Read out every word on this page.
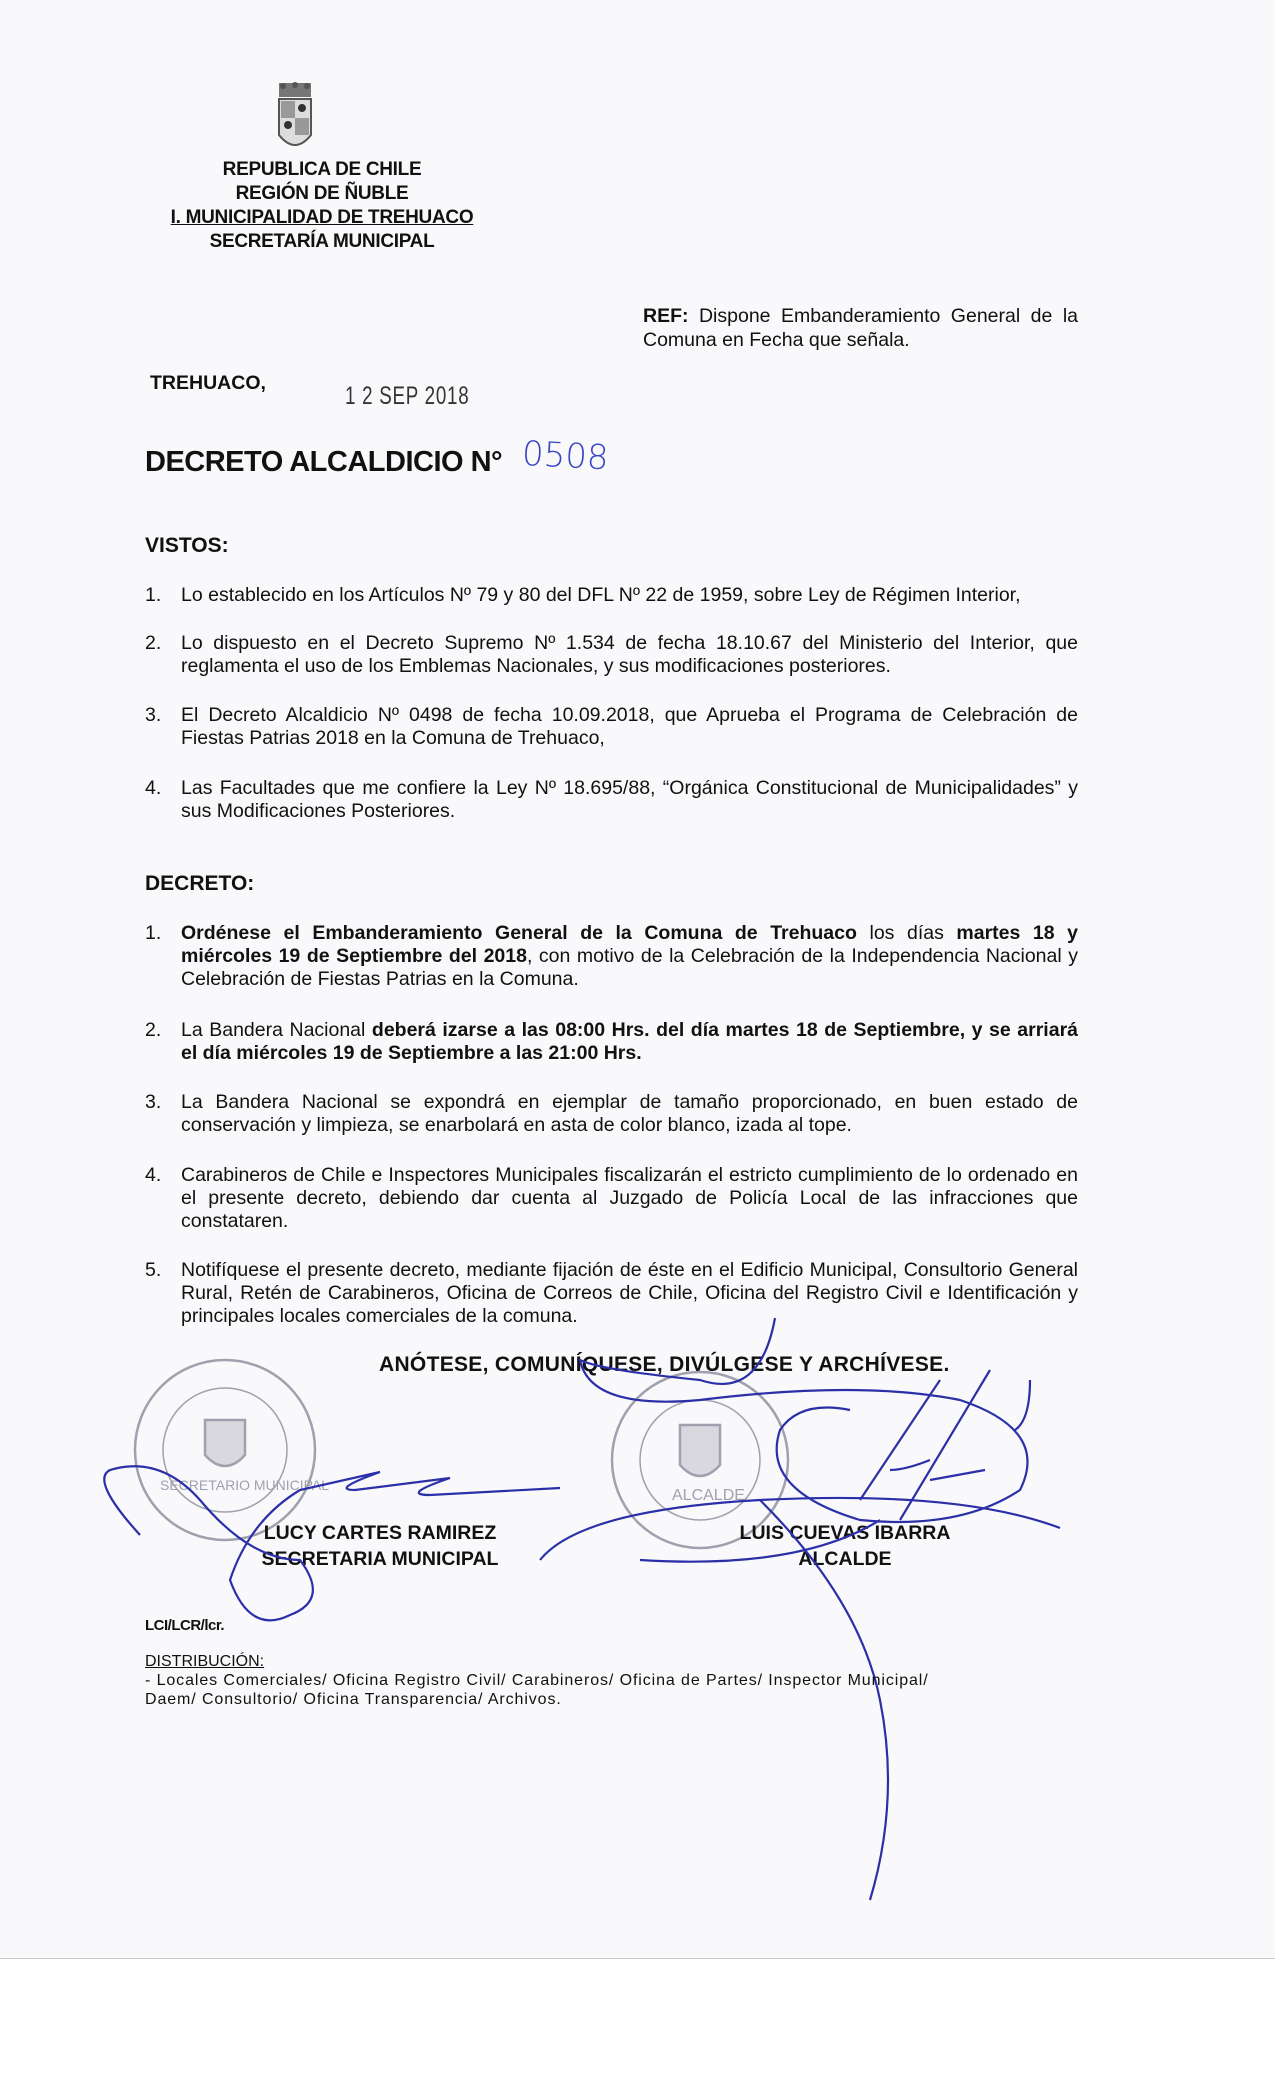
REPUBLICA DE CHILE
REGIÓN DE ÑUBLE
I. MUNICIPALIDAD DE TREHUACO
SECRETARÍA MUNICIPAL
REF: Dispone Embanderamiento General de la Comuna en Fecha que señala.
TREHUACO,	1 2 SEP 2018
DECRETO ALCALDICIO N° 0508
VISTOS:
1. Lo establecido en los Artículos Nº 79 y 80 del DFL Nº 22 de 1959, sobre Ley de Régimen Interior,
2. Lo dispuesto en el Decreto Supremo Nº 1.534 de fecha 18.10.67 del Ministerio del Interior, que reglamenta el uso de los Emblemas Nacionales, y sus modificaciones posteriores.
3. El Decreto Alcaldicio Nº 0498 de fecha 10.09.2018, que Aprueba el Programa de Celebración de Fiestas Patrias 2018 en la Comuna de Trehuaco,
4. Las Facultades que me confiere la Ley Nº 18.695/88, “Orgánica Constitucional de Municipalidades” y sus Modificaciones Posteriores.
DECRETO:
1. Ordénese el Embanderamiento General de la Comuna de Trehuaco los días martes 18 y miércoles 19 de Septiembre del 2018, con motivo de la Celebración de la Independencia Nacional y Celebración de Fiestas Patrias en la Comuna.
2. La Bandera Nacional deberá izarse a las 08:00 Hrs. del día martes 18 de Septiembre, y se arriará el día miércoles 19 de Septiembre a las 21:00 Hrs.
3. La Bandera Nacional se expondrá en ejemplar de tamaño proporcionado, en buen estado de conservación y limpieza, se enarbolará en asta de color blanco, izada al tope.
4. Carabineros de Chile e Inspectores Municipales fiscalizarán el estricto cumplimiento de lo ordenado en el presente decreto, debiendo dar cuenta al Juzgado de Policía Local de las infracciones que constataren.
5. Notifíquese el presente decreto, mediante fijación de éste en el Edificio Municipal, Consultorio General Rural, Retén de Carabineros, Oficina de Correos de Chile, Oficina del Registro Civil e Identificación y principales locales comerciales de la comuna.
ANÓTESE, COMUNÍQUESE, DIVÚLGESE Y ARCHÍVESE.
SECRETARIO MUNICIPAL
ALCALDE
LUCY CARTES RAMIREZ
SECRETARIA MUNICIPAL
LUIS CUEVAS IBARRA
ALCALDE
LCI/LCR/lcr.
DISTRIBUCIÓN:
- Locales Comerciales/ Oficina Registro Civil/ Carabineros/ Oficina de Partes/ Inspector Municipal/
Daem/ Consultorio/ Oficina Transparencia/ Archivos.
